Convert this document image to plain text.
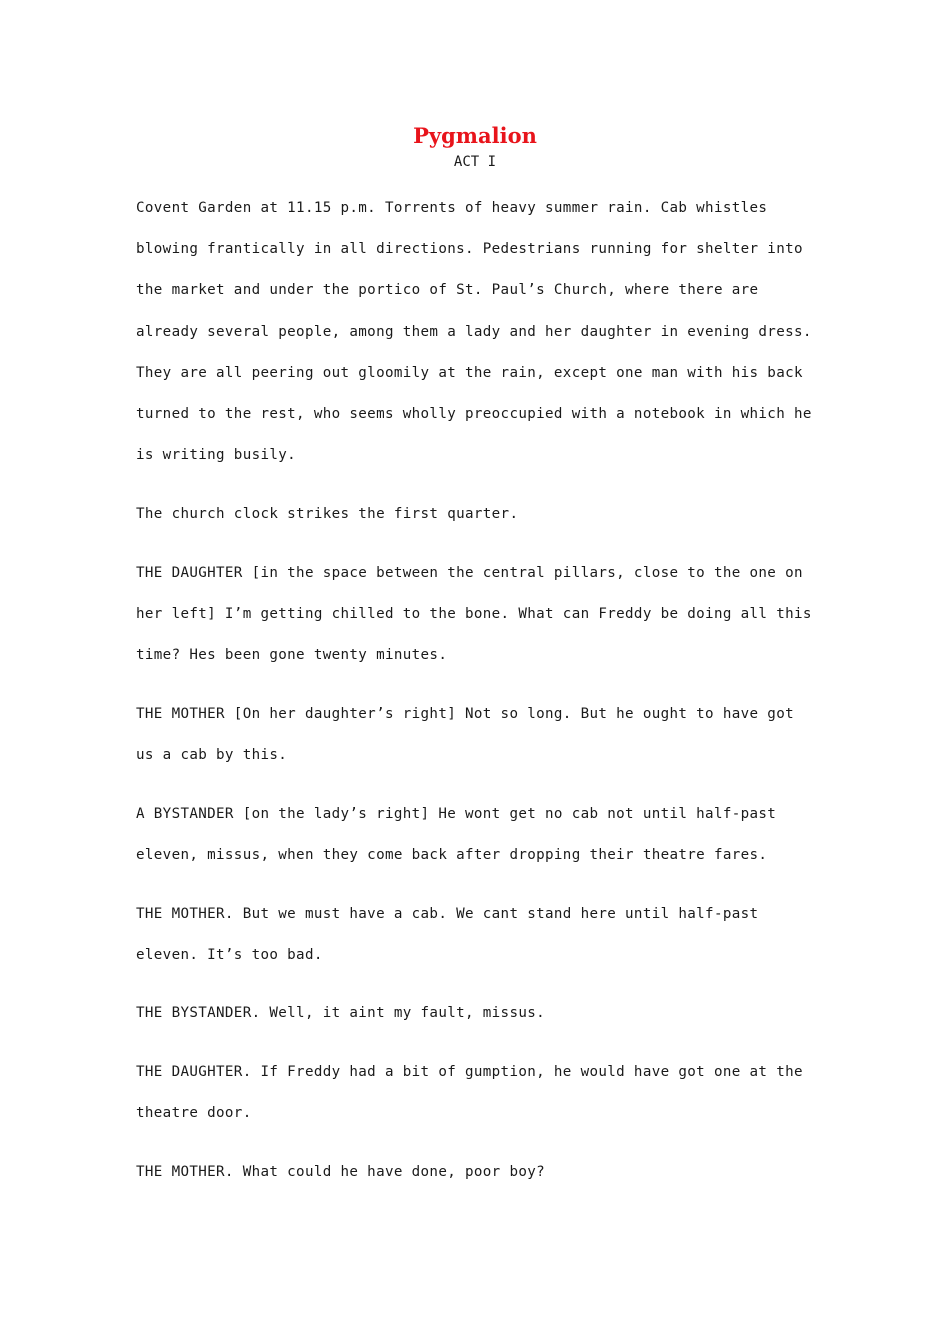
Pygmalion
ACT I

Covent Garden at 11.15 p.m. Torrents of heavy summer rain. Cab whistles blowing frantically in all directions. Pedestrians running for shelter into the market and under the portico of St. Paul’s Church, where there are already several people, among them a lady and her daughter in evening dress. They are all peering out gloomily at the rain, except one man with his back turned to the rest, who seems wholly preoccupied with a notebook in which he is writing busily.

The church clock strikes the first quarter.

THE DAUGHTER [in the space between the central pillars, close to the one on her left] I’m getting chilled to the bone. What can Freddy be doing all this time? Hes been gone twenty minutes.

THE MOTHER [On her daughter’s right] Not so long. But he ought to have got us a cab by this.

A BYSTANDER [on the lady’s right] He wont get no cab not until half-past eleven, missus, when they come back after dropping their theatre fares.

THE MOTHER. But we must have a cab. We cant stand here until half-past eleven. It’s too bad.

THE BYSTANDER. Well, it aint my fault, missus.

THE DAUGHTER. If Freddy had a bit of gumption, he would have got one at the theatre door.

THE MOTHER. What could he have done, poor boy?
